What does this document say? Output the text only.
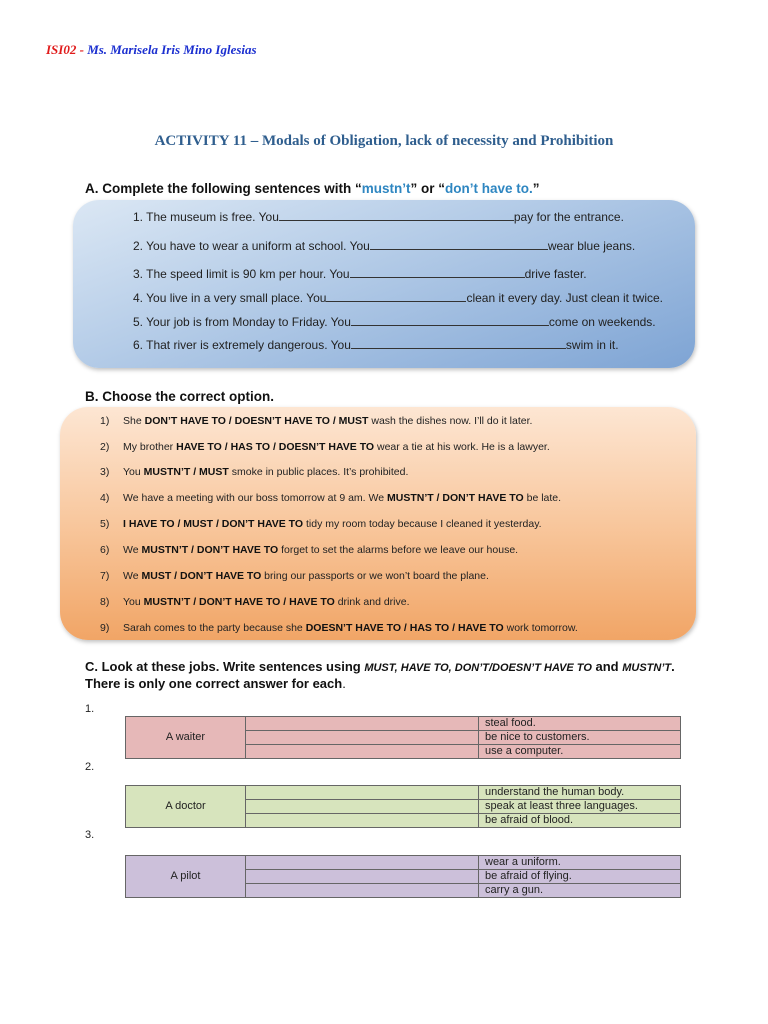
ISI02 - Ms. Marisela Iris Mino Iglesias
ACTIVITY 11 – Modals of Obligation, lack of necessity and Prohibition
A. Complete the following sentences with “mustn’t” or “don’t have to.”
1. The museum is free. You	pay for the entrance.
2. You have to wear a uniform at school. You	wear blue jeans.
3. The speed limit is 90 km per hour. You	drive faster.
4. You live in a very small place. You	clean it every day. Just clean it twice.
5. Your job is from Monday to Friday. You	come on weekends.
6. That river is extremely dangerous. You	swim in it.
B. Choose the correct option.
1) She DON’T HAVE TO / DOESN’T HAVE TO / MUST wash the dishes now. I’ll do it later.
2) My brother HAVE TO / HAS TO / DOESN’T HAVE TO wear a tie at his work. He is a lawyer.
3) You MUSTN’T / MUST smoke in public places. It’s prohibited.
4) We have a meeting with our boss tomorrow at 9 am. We MUSTN’T / DON’T HAVE TO be late.
5) I HAVE TO / MUST / DON’T HAVE TO tidy my room today because I cleaned it yesterday.
6) We MUSTN’T / DON’T HAVE TO forget to set the alarms before we leave our house.
7) We MUST / DON’T HAVE TO bring our passports or we won’t board the plane.
8) You MUSTN’T / DON’T HAVE TO / HAVE TO drink and drive.
9) Sarah comes to the party because she DOESN’T HAVE TO / HAS TO / HAVE TO work tomorrow.
C. Look at these jobs. Write sentences using MUST, HAVE TO, DON’T/DOESN’T HAVE TO and MUSTN’T. There is only one correct answer for each.
1.
A waiter		steal food.
		be nice to customers.
		use a computer.
2.
A doctor		understand the human body.
		speak at least three languages.
		be afraid of blood.
3.
A pilot		wear a uniform.
		be afraid of flying.
		carry a gun.
